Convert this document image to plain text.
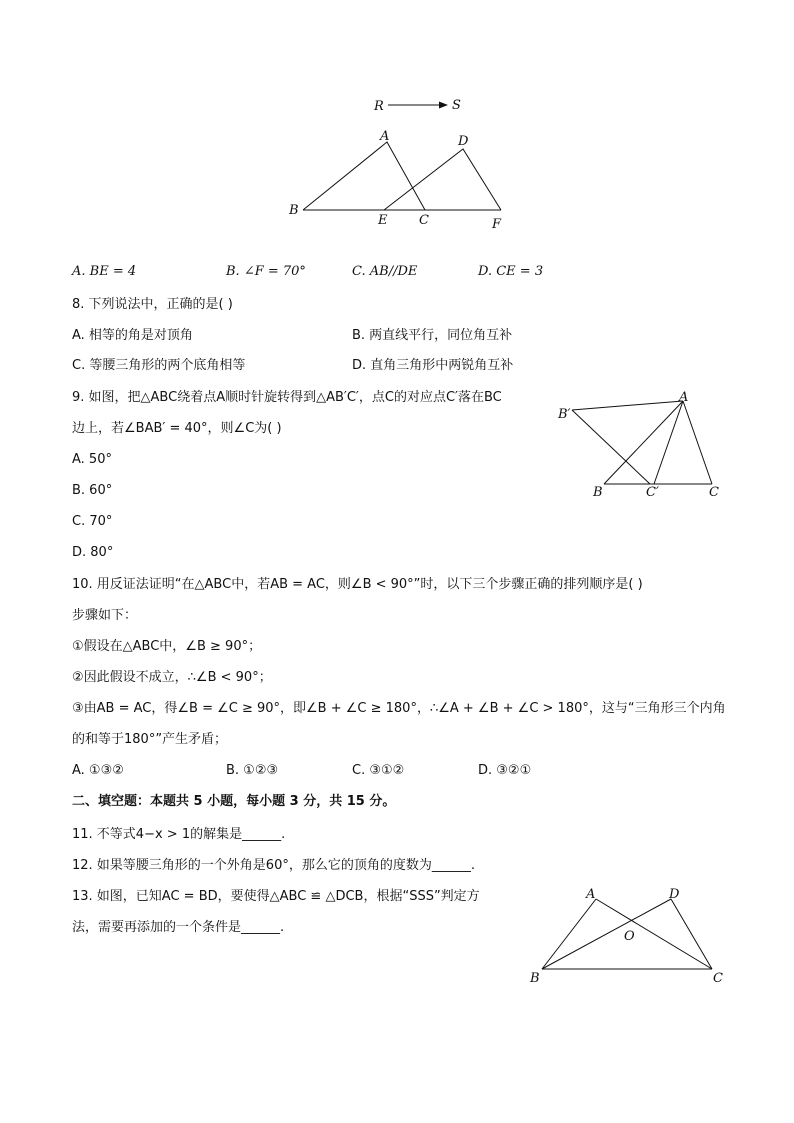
R	S
A	D
B
E C	F
A. BE = 4	B. ∠F = 70°	C. AB//DE	D. CE = 3
8. 下列说法中，正确的是( )
A. 相等的角是对顶角	B. 两直线平行，同位角互补
C. 等腰三角形的两个底角相等	D. 直角三角形中两锐角互补
9. 如图，把△ABC绕着点A顺时针旋转得到△AB′C′，点C的对应点C′落在BC
边上，若∠BAB′ = 40°，则∠C为( )
A. 50°
B. 60°
C. 70°
D. 80°
B′
A
B	C′	C
10. 用反证法证明“在△ABC中，若AB = AC，则∠B < 90°”时，以下三个步骤正确的排列顺序是( )
步骤如下：
①假设在△ABC中，∠B ≥ 90°；
②因此假设不成立，∴∠B < 90°；
③由AB = AC，得∠B = ∠C ≥ 90°，即∠B + ∠C ≥ 180°，∴∠A + ∠B + ∠C > 180°，这与“三角形三个内角
的和等于180°”产生矛盾；
A. ①③②	B. ①②③	C. ③①②	D. ③②①
二、填空题：本题共 5 小题，每小题 3 分，共 15 分。
11. 不等式4−x > 1的解集是______.
12. 如果等腰三角形的一个外角是60°，那么它的顶角的度数为______.
13. 如图，已知AC = BD，要使得△ABC ≌ △DCB，根据“SSS”判定方
法，需要再添加的一个条件是______.
A	D
O
B	C
